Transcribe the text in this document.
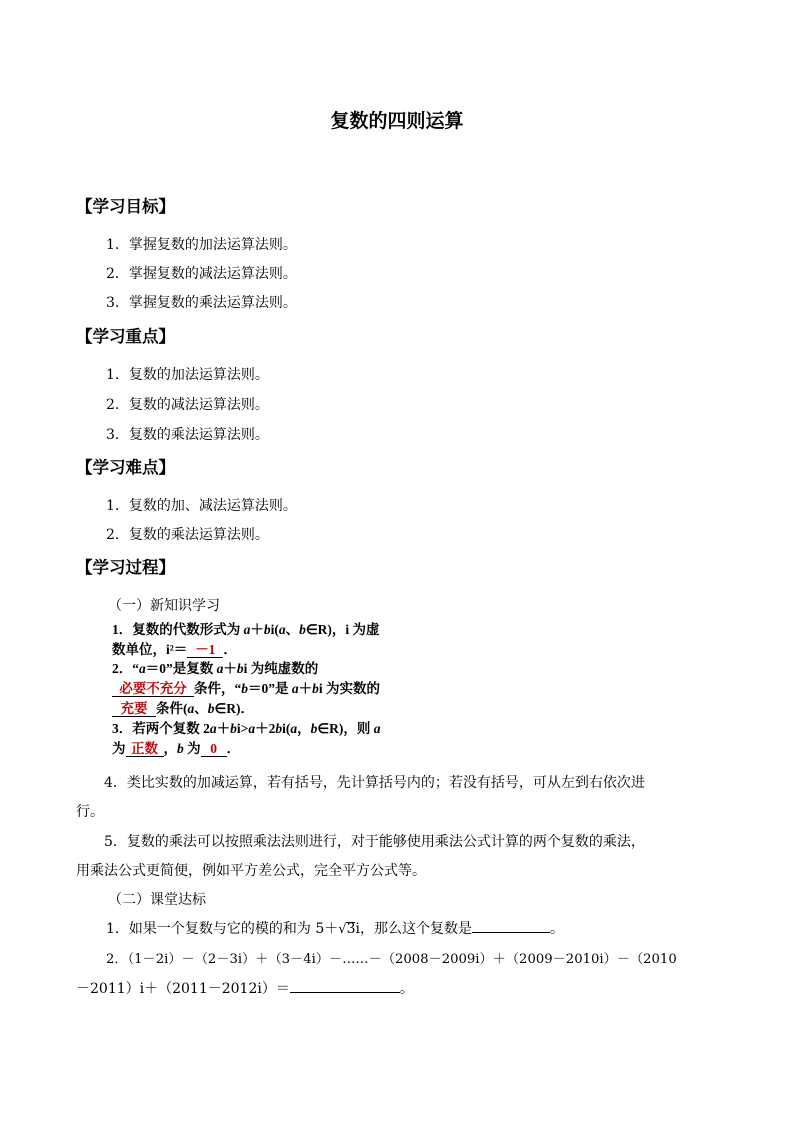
复数的四则运算
【学习目标】
1．掌握复数的加法运算法则。
2．掌握复数的减法运算法则。
3．掌握复数的乘法运算法则。
【学习重点】
1．复数的加法运算法则。
2．复数的减法运算法则。
3．复数的乘法运算法则。
【学习难点】
1．复数的加、减法运算法则。
2．复数的乘法运算法则。
【学习过程】
（一）新知识学习
1．复数的代数形式为 a＋bi(a、b∈R)，i 为虚
数单位，i²＝ －1 ．
2．“a＝0”是复数 a＋bi 为纯虚数的
必要不充分 条件，“b＝0”是 a＋bi 为实数的
充要 条件(a、b∈R)．
3．若两个复数 2a＋bi>a＋2bi(a，b∈R)，则 a
为 正数 ，b 为 0 ．
4．类比实数的加减运算，若有括号，先计算括号内的；若没有括号，可从左到右依次进
行。
5．复数的乘法可以按照乘法法则进行，对于能够使用乘法公式计算的两个复数的乘法，
用乘法公式更简便，例如平方差公式，完全平方公式等。
（二）课堂达标
1．如果一个复数与它的模的和为 5＋√3i，那么这个复数是	。
2．（1－2i）－（2－3i）＋（3－4i）－……－（2008－2009i）＋（2009－2010i）－（2010
－2011）i＋（2011－2012i）＝	。
